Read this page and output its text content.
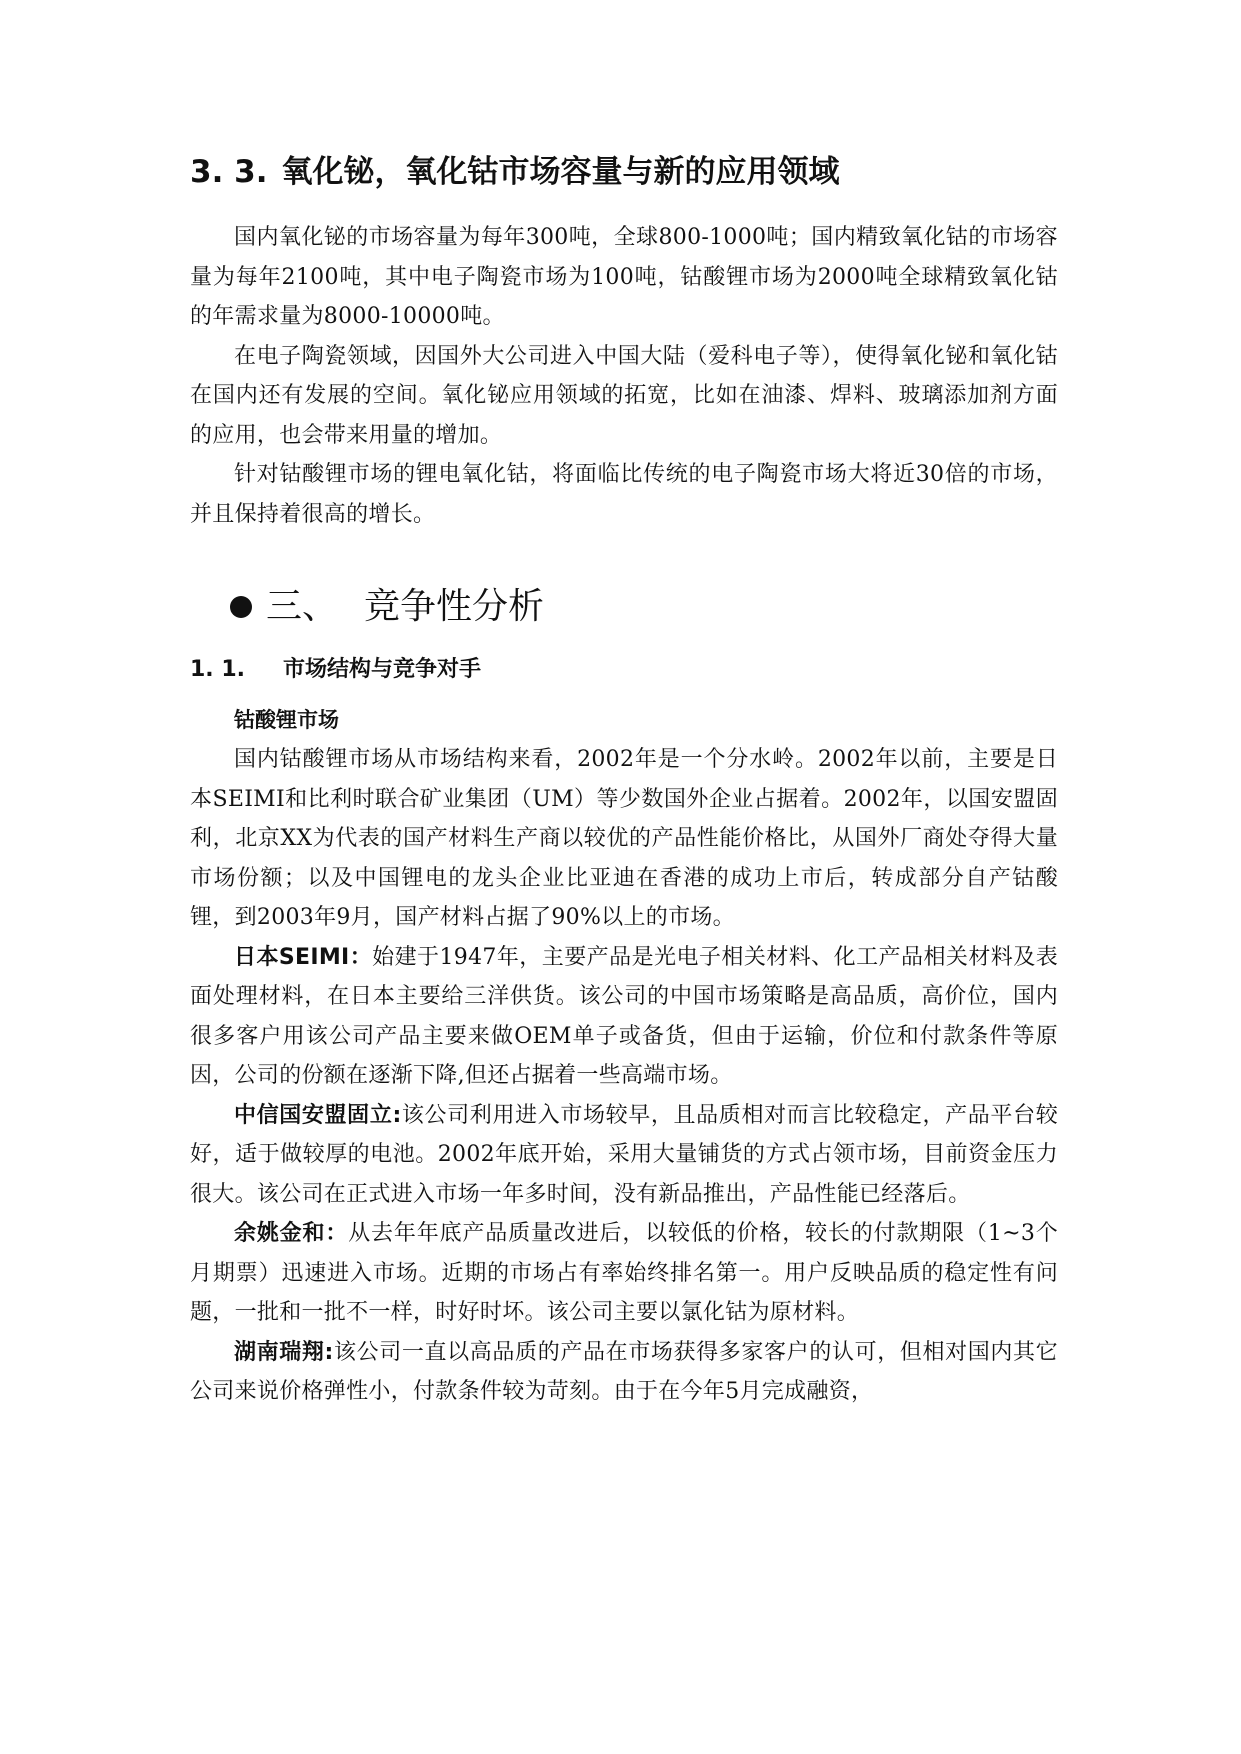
3. 3. 氧化铋，氧化钴市场容量与新的应用领域

国内氧化铋的市场容量为每年300吨，全球800-1000吨；国内精致氧化钴的市场容量为每年2100吨，其中电子陶瓷市场为100吨，钴酸锂市场为2000吨全球精致氧化钴的年需求量为8000-10000吨。

在电子陶瓷领域，因国外大公司进入中国大陆（爱科电子等），使得氧化铋和氧化钴在国内还有发展的空间。氧化铋应用领域的拓宽，比如在油漆、焊料、玻璃添加剂方面的应用，也会带来用量的增加。

针对钴酸锂市场的锂电氧化钴，将面临比传统的电子陶瓷市场大将近30倍的市场，并且保持着很高的增长。

三、 竞争性分析
1. 1. 市场结构与竞争对手
钴酸锂市场

国内钴酸锂市场从市场结构来看，2002年是一个分水岭。2002年以前，主要是日本SEIMI和比利时联合矿业集团（UM）等少数国外企业占据着。2002年，以国安盟固利，北京XX为代表的国产材料生产商以较优的产品性能价格比，从国外厂商处夺得大量市场份额；以及中国锂电的龙头企业比亚迪在香港的成功上市后，转成部分自产钴酸锂，到2003年9月，国产材料占据了90%以上的市场。

日本SEIMI：始建于1947年，主要产品是光电子相关材料、化工产品相关材料及表面处理材料，在日本主要给三洋供货。该公司的中国市场策略是高品质，高价位，国内很多客户用该公司产品主要来做OEM单子或备货，但由于运输，价位和付款条件等原因，公司的份额在逐渐下降,但还占据着一些高端市场。

中信国安盟固立:该公司利用进入市场较早，且品质相对而言比较稳定，产品平台较好，适于做较厚的电池。2002年底开始，采用大量铺货的方式占领市场，目前资金压力很大。该公司在正式进入市场一年多时间，没有新品推出，产品性能已经落后。

余姚金和：从去年年底产品质量改进后，以较低的价格，较长的付款期限（1~3个月期票）迅速进入市场。近期的市场占有率始终排名第一。用户反映品质的稳定性有问题，一批和一批不一样，时好时坏。该公司主要以氯化钴为原材料。

湖南瑞翔:该公司一直以高品质的产品在市场获得多家客户的认可，但相对国内其它公司来说价格弹性小，付款条件较为苛刻。由于在今年5月完成融资，
